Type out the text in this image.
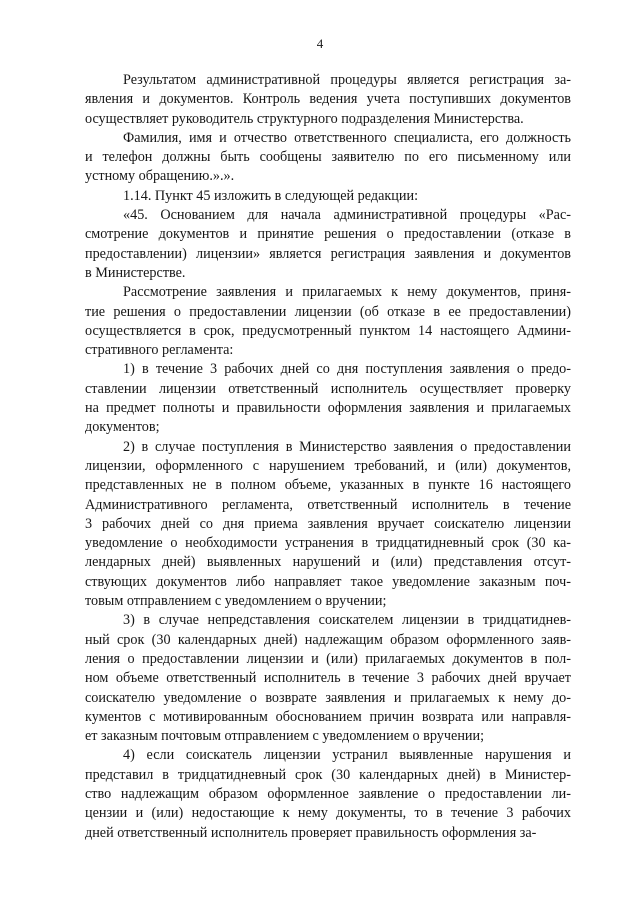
4
Результатом административной процедуры является регистрация за-
явления и документов. Контроль ведения учета поступивших документов
осуществляет руководитель структурного подразделения Министерства.
Фамилия, имя и отчество ответственного специалиста, его должность
и телефон должны быть сообщены заявителю по его письменному или
устному обращению.».».
1.14. Пункт 45 изложить в следующей редакции:
«45. Основанием для начала административной процедуры «Рас-
смотрение документов и принятие решения о предоставлении (отказе в
предоставлении) лицензии» является регистрация заявления и документов
в Министерстве.
Рассмотрение заявления и прилагаемых к нему документов, приня-
тие решения о предоставлении лицензии (об отказе в ее предоставлении)
осуществляется в срок, предусмотренный пунктом 14 настоящего Админи-
стративного регламента:
1) в течение 3 рабочих дней со дня поступления заявления о предо-
ставлении лицензии ответственный исполнитель осуществляет проверку
на предмет полноты и правильности оформления заявления и прилагаемых
документов;
2) в случае поступления в Министерство заявления о предоставлении
лицензии, оформленного с нарушением требований, и (или) документов,
представленных не в полном объеме, указанных в пункте 16 настоящего
Административного регламента, ответственный исполнитель в течение
3 рабочих дней со дня приема заявления вручает соискателю лицензии
уведомление о необходимости устранения в тридцатидневный срок (30 ка-
лендарных дней) выявленных нарушений и (или) представления отсут-
ствующих документов либо направляет такое уведомление заказным поч-
товым отправлением с уведомлением о вручении;
3) в случае непредставления соискателем лицензии в тридцатиднев-
ный срок (30 календарных дней) надлежащим образом оформленного заяв-
ления о предоставлении лицензии и (или) прилагаемых документов в пол-
ном объеме ответственный исполнитель в течение 3 рабочих дней вручает
соискателю уведомление о возврате заявления и прилагаемых к нему до-
кументов с мотивированным обоснованием причин возврата или направля-
ет заказным почтовым отправлением с уведомлением о вручении;
4) если соискатель лицензии устранил выявленные нарушения и
представил в тридцатидневный срок (30 календарных дней) в Министер-
ство надлежащим образом оформленное заявление о предоставлении ли-
цензии и (или) недостающие к нему документы, то в течение 3 рабочих
дней ответственный исполнитель проверяет правильность оформления за-
